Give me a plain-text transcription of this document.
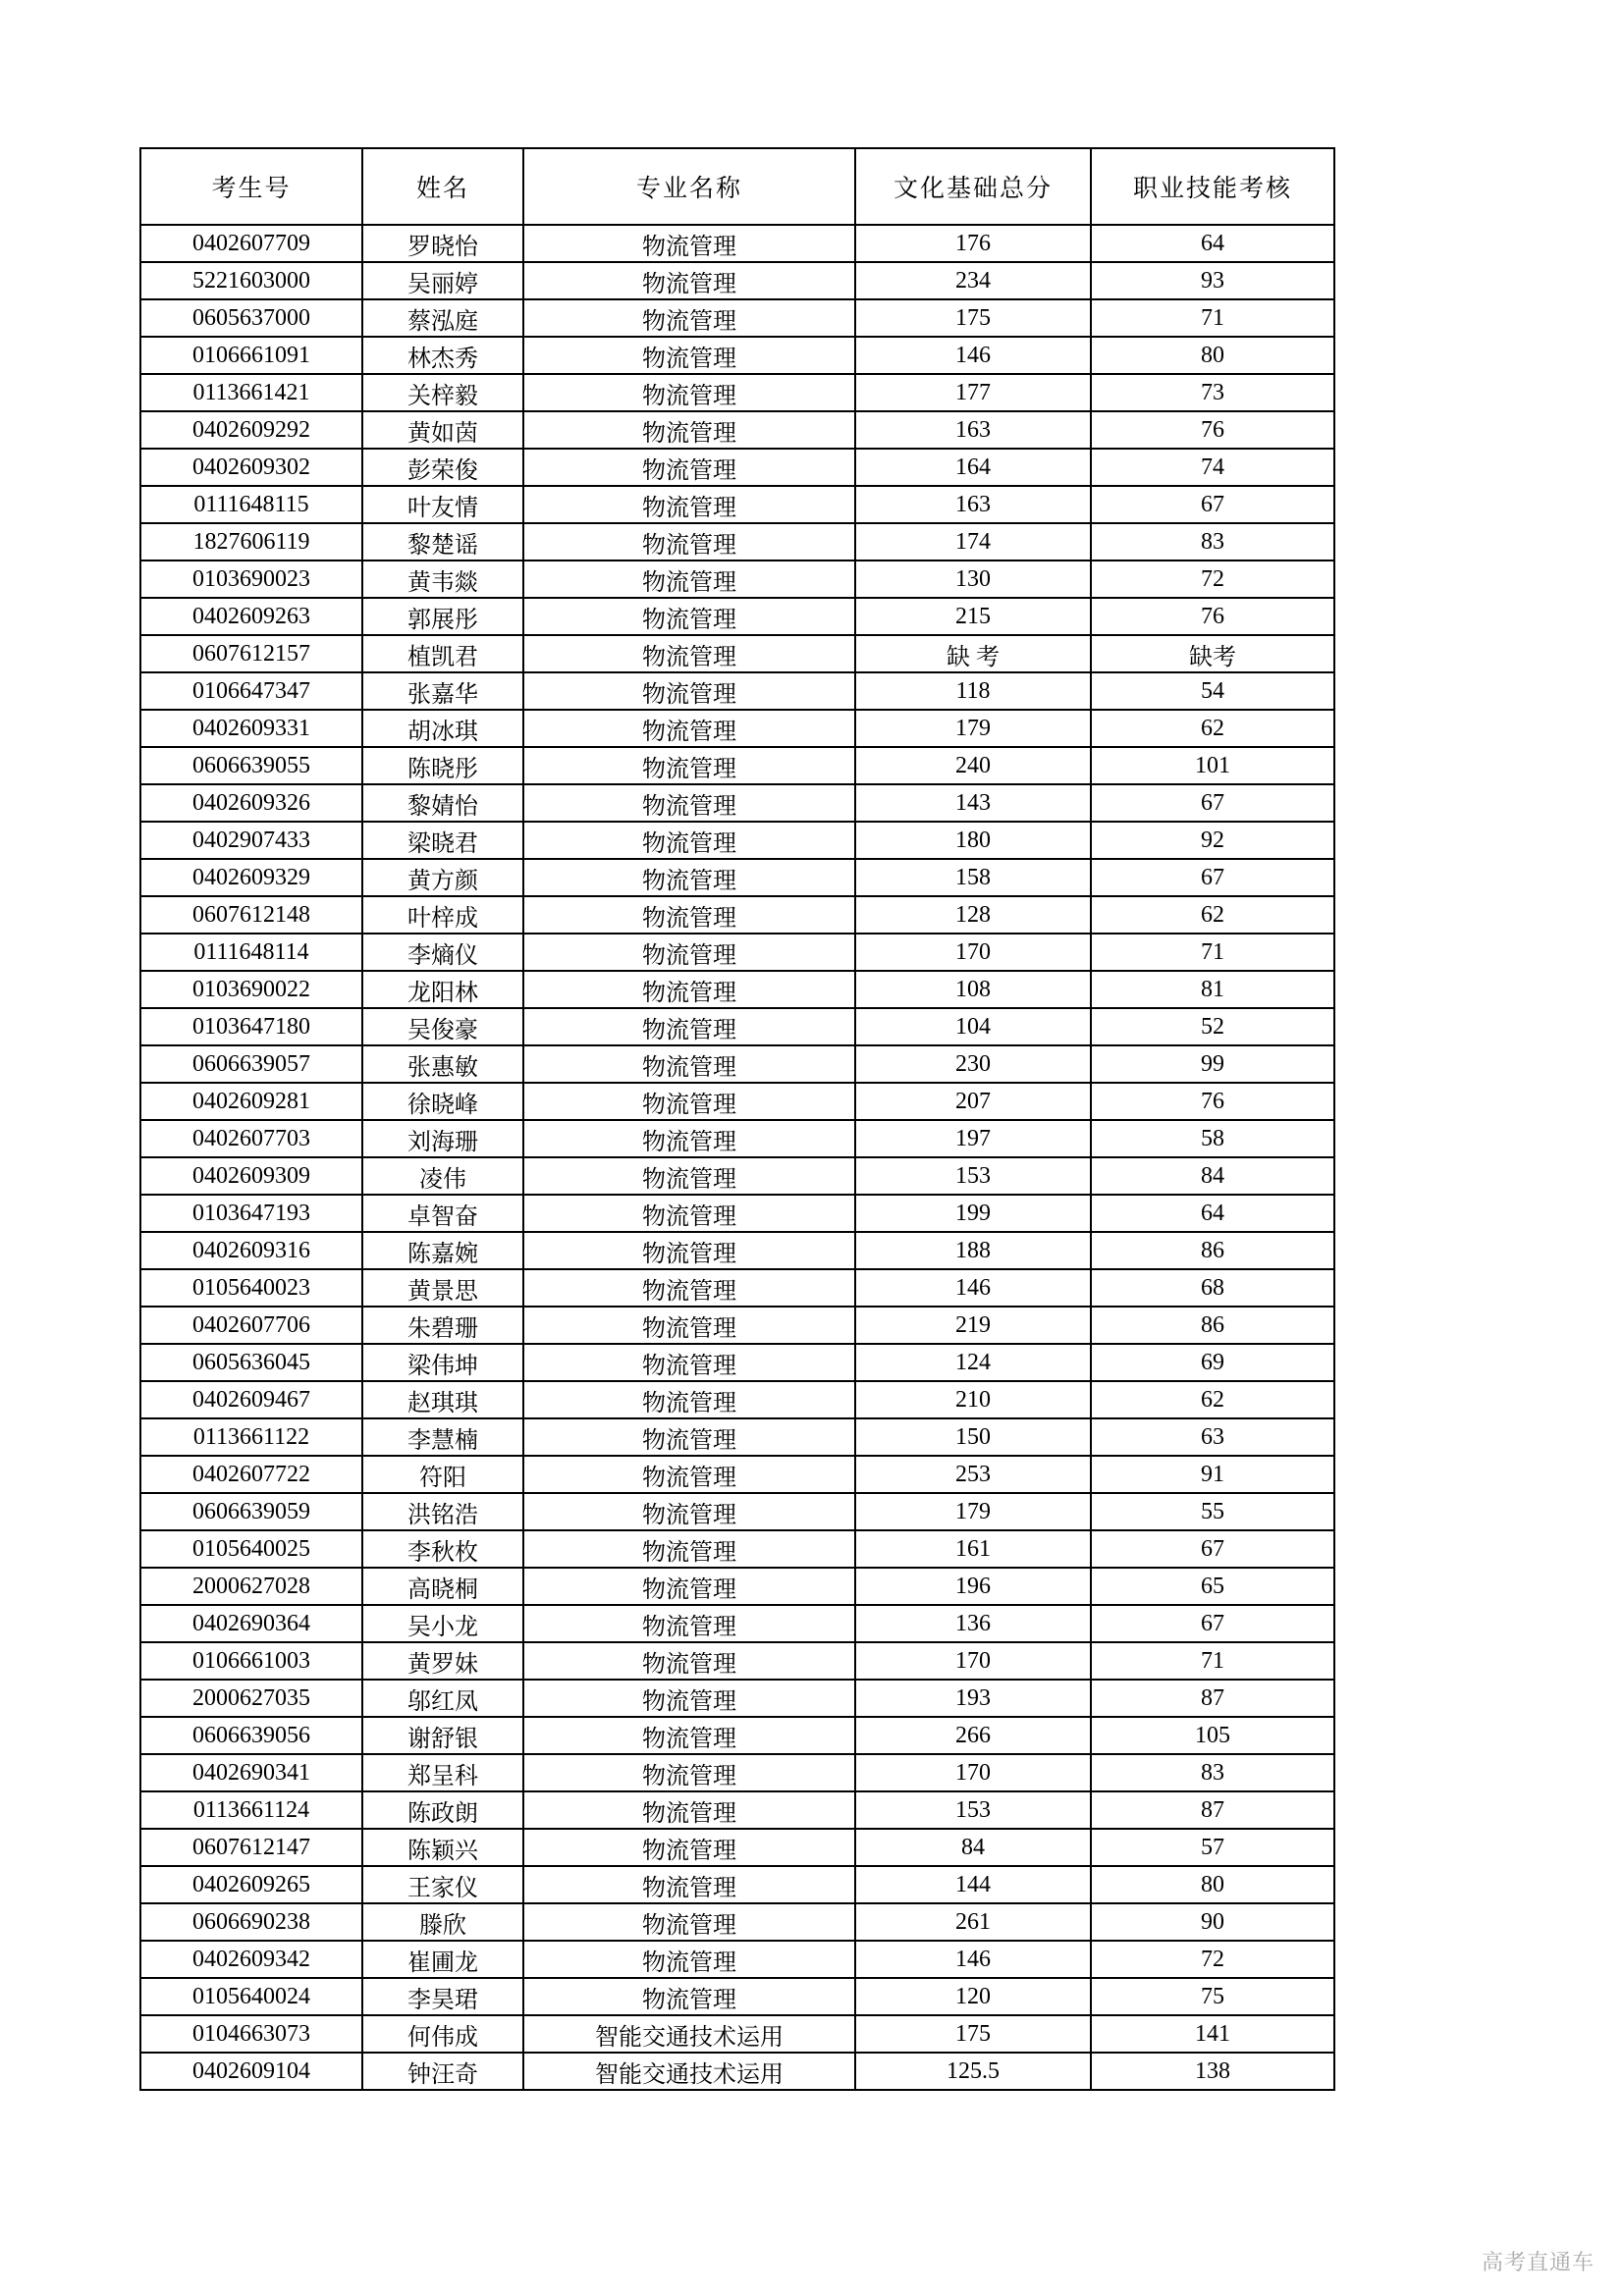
考生号	姓名	专业名称	文化基础总分	职业技能考核
0402607709	罗晓怡	物流管理	176	64
5221603000	吴丽婷	物流管理	234	93
0605637000	蔡泓庭	物流管理	175	71
0106661091	林杰秀	物流管理	146	80
0113661421	关梓毅	物流管理	177	73
0402609292	黄如茵	物流管理	163	76
0402609302	彭荣俊	物流管理	164	74
0111648115	叶友情	物流管理	163	67
1827606119	黎楚谣	物流管理	174	83
0103690023	黄韦燚	物流管理	130	72
0402609263	郭展彤	物流管理	215	76
0607612157	植凯君	物流管理	缺 考	缺考
0106647347	张嘉华	物流管理	118	54
0402609331	胡冰琪	物流管理	179	62
0606639055	陈晓彤	物流管理	240	101
0402609326	黎婧怡	物流管理	143	67
0402907433	梁晓君	物流管理	180	92
0402609329	黄方颜	物流管理	158	67
0607612148	叶梓成	物流管理	128	62
0111648114	李熵仪	物流管理	170	71
0103690022	龙阳林	物流管理	108	81
0103647180	吴俊豪	物流管理	104	52
0606639057	张惠敏	物流管理	230	99
0402609281	徐晓峰	物流管理	207	76
0402607703	刘海珊	物流管理	197	58
0402609309	凌伟	物流管理	153	84
0103647193	卓智奋	物流管理	199	64
0402609316	陈嘉婉	物流管理	188	86
0105640023	黄景思	物流管理	146	68
0402607706	朱碧珊	物流管理	219	86
0605636045	梁伟坤	物流管理	124	69
0402609467	赵琪琪	物流管理	210	62
0113661122	李慧楠	物流管理	150	63
0402607722	符阳	物流管理	253	91
0606639059	洪铭浩	物流管理	179	55
0105640025	李秋枚	物流管理	161	67
2000627028	高晓桐	物流管理	196	65
0402690364	吴小龙	物流管理	136	67
0106661003	黄罗妹	物流管理	170	71
2000627035	邬红凤	物流管理	193	87
0606639056	谢舒银	物流管理	266	105
0402690341	郑呈科	物流管理	170	83
0113661124	陈政朗	物流管理	153	87
0607612147	陈颖兴	物流管理	84	57
0402609265	王家仪	物流管理	144	80
0606690238	滕欣	物流管理	261	90
0402609342	崔圃龙	物流管理	146	72
0105640024	李昊珺	物流管理	120	75
0104663073	何伟成	智能交通技术运用	175	141
0402609104	钟汪奇	智能交通技术运用	125.5	138
高考直通车
